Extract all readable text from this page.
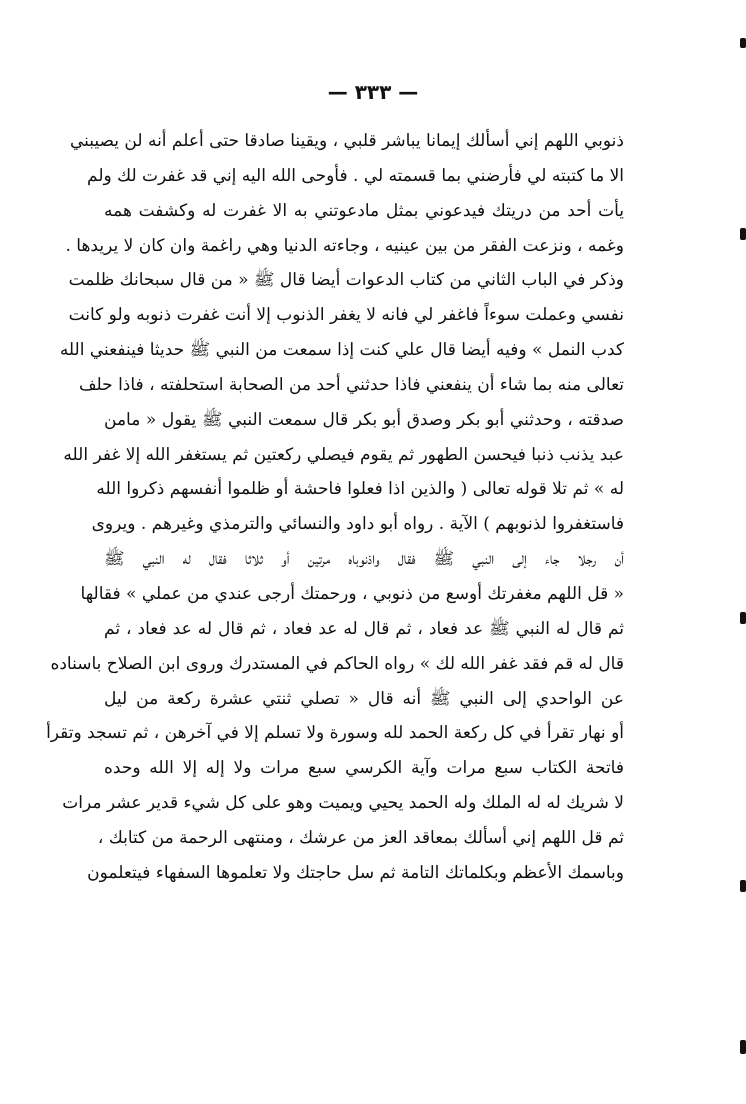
— ٣٣٣ —
ذنوبي اللهم إني أسألك إيمانا يباشر قلبي ، ويقينا صادقا حتى أعلم أنه لن يصيبني
الا ما كتبته لي فأرضني بما قسمته لي . فأوحى الله اليه إني قد غفرت لك ولم
يأت أحد من دريتك فيدعوني بمثل مادعوتني به الا غفرت له وكشفت همه
وغمه ، ونزعت الفقر من بين عينيه ، وجاءته الدنيا وهي راغمة وان كان لا يريدها .
وذكر في الباب الثاني من كتاب الدعوات أيضا قال ﷺ « من قال سبحانك ظلمت
نفسي وعملت سوءاً فاغفر لي فانه لا يغفر الذنوب إلا أنت غفرت ذنوبه ولو كانت
كدب النمل » وفيه أيضا قال علي كنت إذا سمعت من النبي ﷺ حديثا فينفعني الله
تعالى منه بما شاء أن ينفعني فاذا حدثني أحد من الصحابة استحلفته ، فاذا حلف
صدقته ، وحدثني أبو بكر وصدق أبو بكر قال سمعت النبي ﷺ يقول « مامن
عبد يذنب ذنبا فيحسن الطهور ثم يقوم فيصلي ركعتين ثم يستغفر الله إلا غفر الله
له » ثم تلا قوله تعالى ( والذين اذا فعلوا فاحشة أو ظلموا أنفسهم ذكروا الله
فاستغفروا لذنوبهم ) الآية . رواه أبو داود والنسائي والترمذي وغيرهم . ويروى
أن رجلا جاء إلى النبي ﷺ فقال واذنوباه مرتين أو ثلاثا فقال له النبي ﷺ
« قل اللهم مغفرتك أوسع من ذنوبي ، ورحمتك أرجى عندي من عملي » فقالها
ثم قال له النبي ﷺ عد فعاد ، ثم قال له عد فعاد ، ثم قال له عد فعاد ، ثم
قال له قم فقد غفر الله لك » رواه الحاكم في المستدرك وروى ابن الصلاح باسناده
عن الواحدي إلى النبي ﷺ أنه قال « تصلي ثنتي عشرة ركعة من ليل
أو نهار تقرأ في كل ركعة الحمد لله وسورة ولا تسلم إلا في آخرهن ، ثم تسجد وتقرأ
فاتحة الكتاب سبع مرات وآية الكرسي سبع مرات ولا إله إلا الله وحده
لا شريك له له الملك وله الحمد يحيي ويميت وهو على كل شيء قدير عشر مرات
ثم قل اللهم إني أسألك بمعاقد العز من عرشك ، ومنتهى الرحمة من كتابك ،
وباسمك الأعظم وبكلماتك التامة ثم سل حاجتك ولا تعلموها السفهاء فيتعلمون
